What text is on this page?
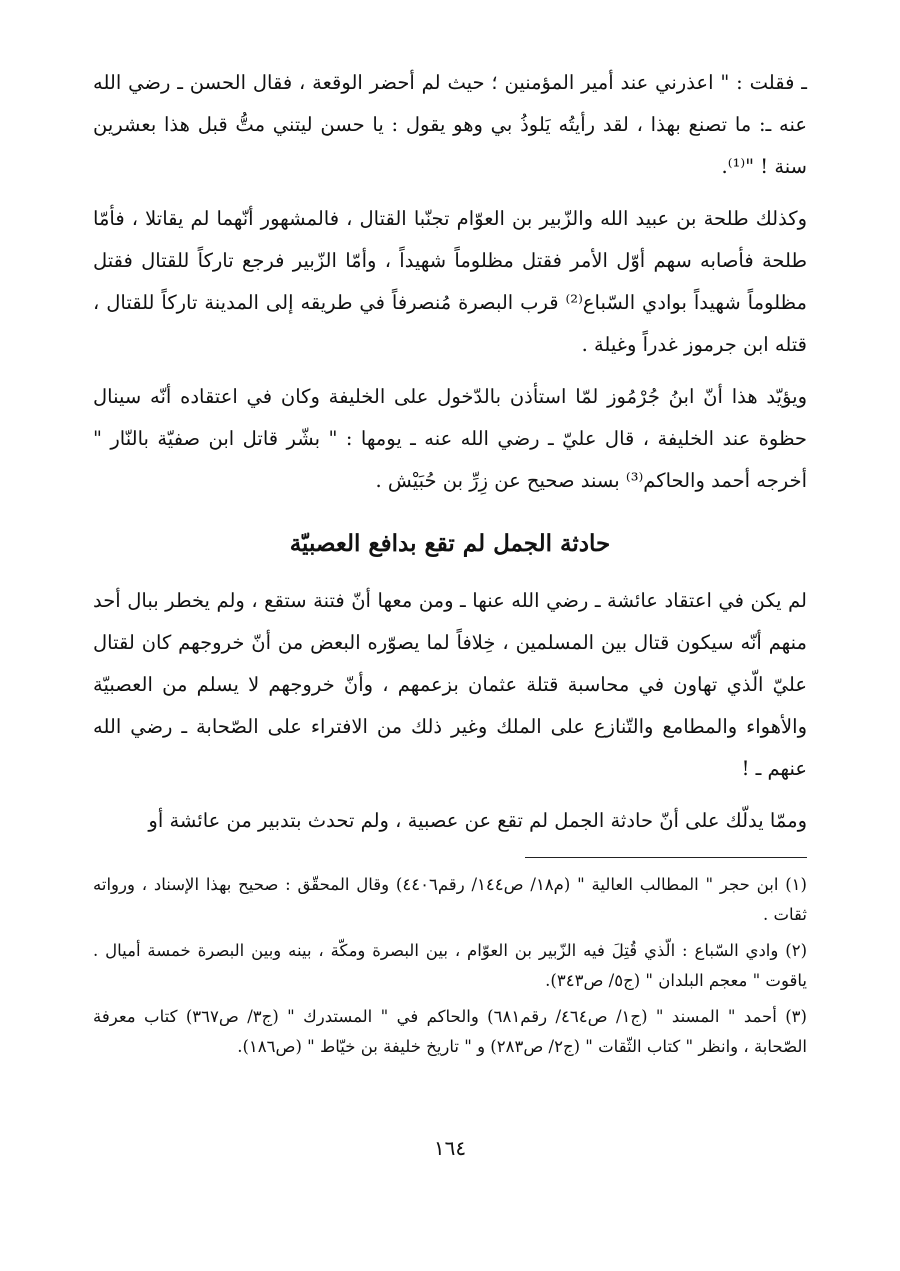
ـ فقلت : " اعذرني عند أمير المؤمنين ؛ حيث لم أحضر الوقعة ، فقال الحسن ـ رضي الله عنه ـ: ما تصنع بهذا ، لقد رأيتُه يَلوذُ بي وهو يقول : يا حسن ليتني متُّ قبل هذا بعشرين سنة ! "⁽¹⁾.

وكذلك طلحة بن عبيد الله والزّبير بن العوّام تجنّبا القتال ، فالمشهور أنّهما لم يقاتلا ، فأمّا طلحة فأصابه سهم أوّل الأمر فقتل مظلوماً شهيداً ، وأمّا الزّبير فرجع تاركاً للقتال فقتل مظلوماً شهيداً بوادي السّباع⁽²⁾ قرب البصرة مُنصرفاً في طريقه إلى المدينة تاركاً للقتال ، قتله ابن جرموز غدراً وغيلة .

ويؤيّد هذا أنّ ابنُ جُرْمُوز لمّا استأذن بالدّخول على الخليفة وكان في اعتقاده أنّه سينال حظوة عند الخليفة ، قال عليّ ـ رضي الله عنه ـ يومها : " بشّر قاتل ابن صفيّة بالنّار " أخرجه أحمد والحاكم⁽³⁾ بسند صحيح عن زِرِّ بن حُبَيْش .

حادثة الجمل لم تقع بدافع العصبيّة

لم يكن في اعتقاد عائشة ـ رضي الله عنها ـ ومن معها أنّ فتنة ستقع ، ولم يخطر ببال أحد منهم أنّه سيكون قتال بين المسلمين ، خِلافاً لما يصوّره البعض من أنّ خروجهم كان لقتال عليّ الّذي تهاون في محاسبة قتلة عثمان بزعمهم ، وأنّ خروجهم لا يسلم من العصبيّة والأهواء والمطامع والتّنازع على الملك وغير ذلك من الافتراء على الصّحابة ـ رضي الله عنهم ـ !

وممّا يدلّك على أنّ حادثة الجمل لم تقع عن عصبية ، ولم تحدث بتدبير من عائشة أو

(١) ابن حجر " المطالب العالية " (م١٨/ ص١٤٤/ رقم٤٤٠٦) وقال المحقّق : صحيح بهذا الإسناد ، ورواته ثقات .

(٢) وادي السّباع : الّذي قُتِلَ فيه الزّبير بن العوّام ، بين البصرة ومكّة ، بينه وبين البصرة خمسة أميال . ياقوت " معجم البلدان " (ج٥/ ص٣٤٣).

(٣) أحمد " المسند " (ج١/ ص٤٦٤/ رقم٦٨١) والحاكم في " المستدرك " (ج٣/ ص٣٦٧) كتاب معرفة الصّحابة ، وانظر " كتاب الثّقات " (ج٢/ ص٢٨٣) و " تاريخ خليفة بن خيّاط " (ص١٨٦).

١٦٤
